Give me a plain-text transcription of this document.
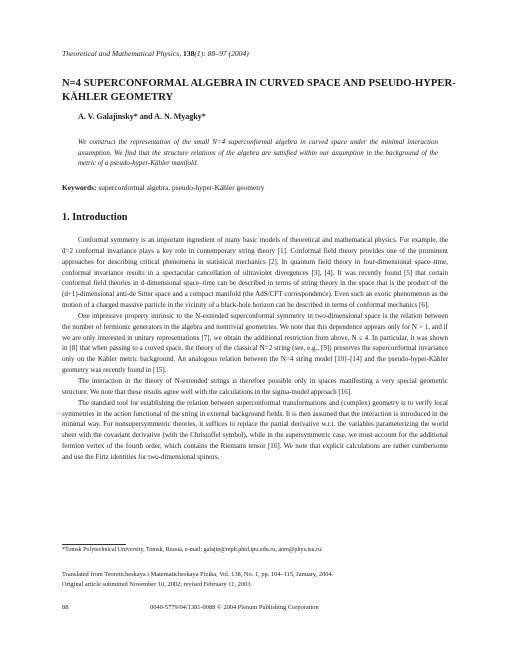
Theoretical and Mathematical Physics, 138(1): 88–97 (2004)
N=4 SUPERCONFORMAL ALGEBRA IN CURVED SPACE AND PSEUDO-HYPER-KÄHLER GEOMETRY
A. V. Galajinsky* and A. N. Myagky*
We construct the representation of the small N=4 superconformal algebra in curved space under the minimal interaction assumption. We find that the structure relations of the algebra are satisfied within our assumption in the background of the metric of a pseudo-hyper-Kähler manifold.
Keywords: superconformal algebra, pseudo-hyper-Kähler geometry
1. Introduction

Conformal symmetry is an important ingredient of many basic models of theoretical and mathematical physics. For example, the d=2 conformal invariance plays a key role in contemporary string theory [1]. Conformal field theory provides one of the prominent approaches for describing critical phenomena in statistical mechanics [2]. In quantum field theory in four-dimensional space–time, conformal invariance results in a spectacular cancellation of ultraviolet divergences [3], [4]. It was recently found [5] that certain conformal field theories in d-dimensional space–time can be described in terms of string theory in the space that is the product of the (d+1)-dimensional anti-de Sitter space and a compact manifold (the AdS/CFT correspondence). Even such an exotic phenomenon as the motion of a charged massive particle in the vicinity of a black-hole horizon can be described in terms of conformal mechanics [6].

One impressive property intrinsic to the N-extended superconformal symmetry in two-dimensional space is the relation between the number of fermionic generators in the algebra and nontrivial geometries. We note that this dependence appears only for N > 1, and if we are only interested in unitary representations [7], we obtain the additional restriction from above, N ≤ 4. In particular, it was shown in [8] that when passing to a curved space, the theory of the classical N=2 string (see, e.g., [9]) preserves the superconformal invariance only on the Kähler metric background. An analogous relation between the N=4 string model [10]–[14] and the pseudo-hyper-Kähler geometry was recently found in [15].

The interaction in the theory of N-extended strings is therefore possible only in spaces manifesting a very special geometric structure. We note that these results agree well with the calculations in the sigma-model approach [16].

The standard tool for establishing the relation between superconformal transformations and (complex) geometry is to verify local symmetries in the action functional of the string in external background fields. It is then assumed that the interaction is introduced in the minimal way. For nonsupersymmetric theories, it suffices to replace the partial derivative w.r.t. the variables parameterizing the world sheet with the covariant derivative (with the Christoffel symbol), while in the supersymmetric case, we must account for the additional fermion vertex of the fourth order, which contains the Riemann tensor [16]. We note that explicit calculations are rather cumbersome and use the Firtz identities for two-dimensional spinors.

*Tomsk Polytechnical University, Tomsk, Russia, e-mail: galajin@mph.phtd.tpu.edu.ru, anm@phys.tsu.ru.
Translated from Teoreticheskaya i Matematicheskaya Fizika, Vol. 138, No. 1, pp. 104–115, January, 2004.
Original article submitted November 10, 2002; revised February 11, 2003.
88	0040-5779/04/1381-0088 © 2004 Plenum Publishing Corporation
